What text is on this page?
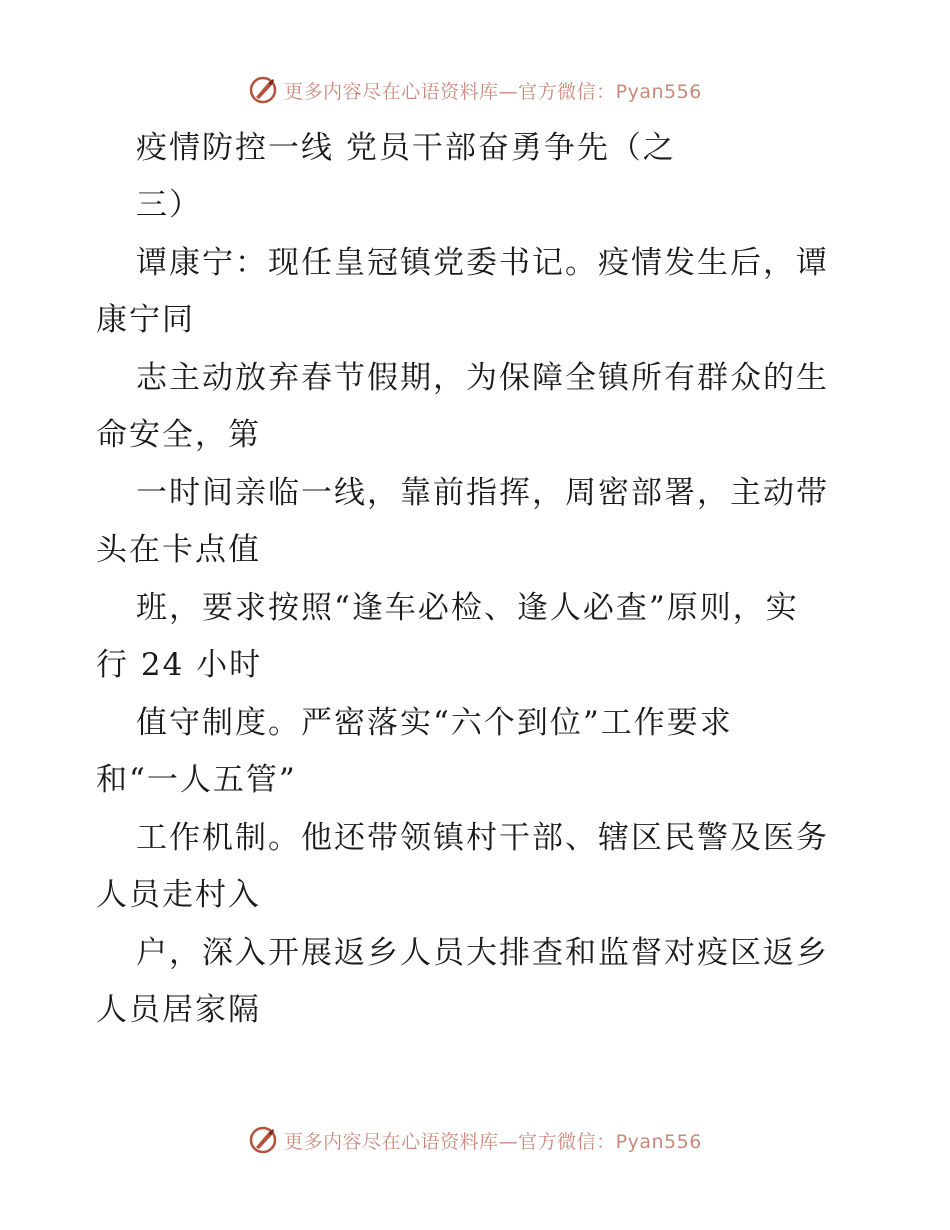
更多内容尽在心语资料库—官方微信：Pyan556
疫情防控一线 党员干部奋勇争先（之
三）
谭康宁：现任皇冠镇党委书记。疫情发生后，谭
康宁同
志主动放弃春节假期，为保障全镇所有群众的生
命安全，第
一时间亲临一线，靠前指挥，周密部署，主动带
头在卡点值
班，要求按照“逢车必检、逢人必查”原则，实
行 24 小时
值守制度。严密落实“六个到位”工作要求
和“一人五管”
工作机制。他还带领镇村干部、辖区民警及医务
人员走村入
户，深入开展返乡人员大排查和监督对疫区返乡
人员居家隔
更多内容尽在心语资料库—官方微信：Pyan556
